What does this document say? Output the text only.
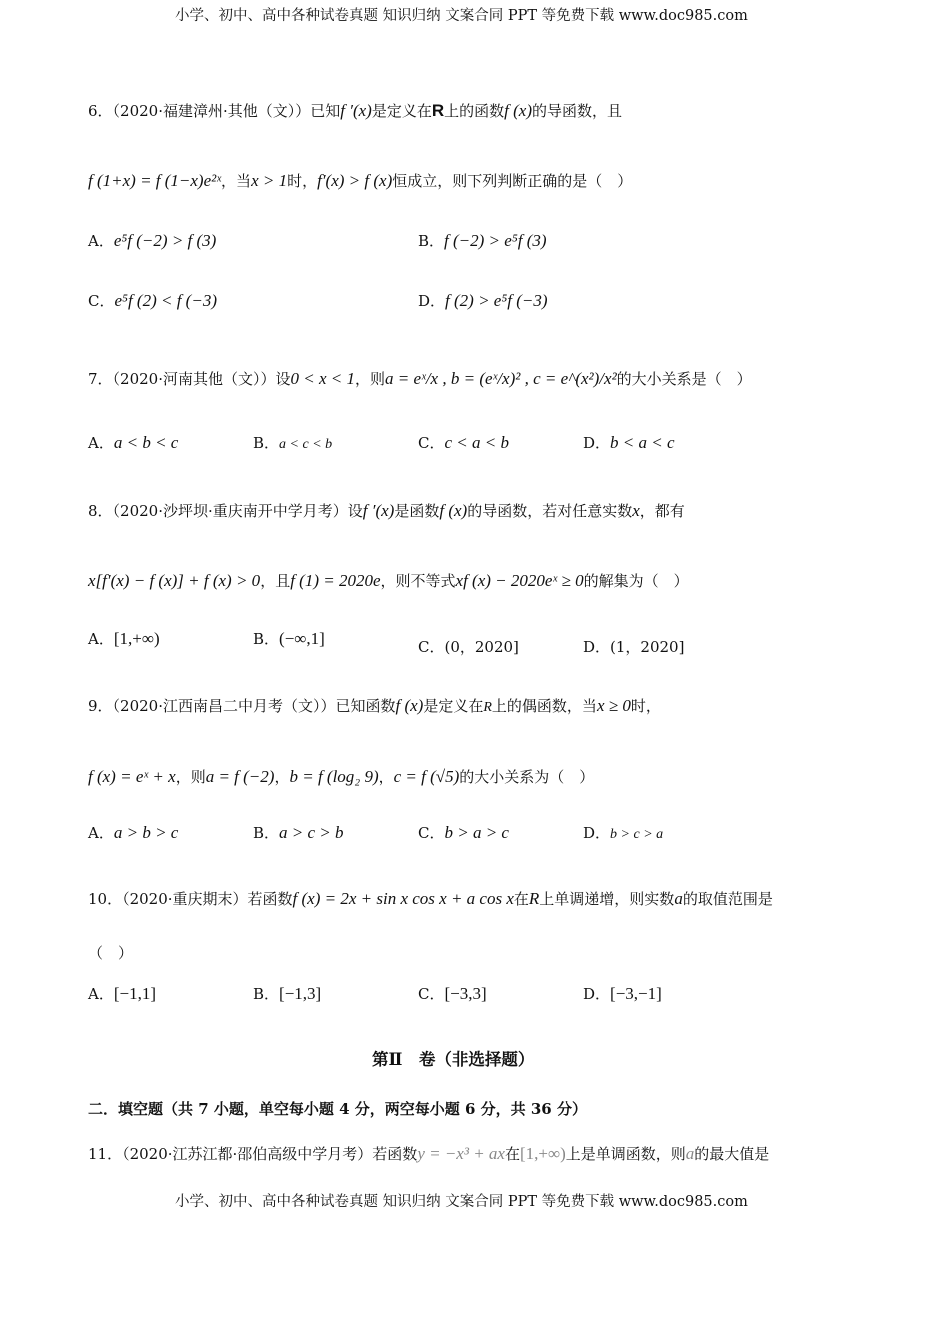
小学、初中、高中各种试卷真题 知识归纳 文案合同 PPT 等免费下载 www.doc985.com
6．（2020·福建漳州·其他（文））已知f ′(x)是定义在R上的函数f (x)的导函数，且
f (1+x) = f (1−x)e²ˣ，当x > 1时，f′(x) > f (x)恒成立，则下列判断正确的是（　）
A．e⁵f (−2) > f (3)	B．f (−2) > e⁵f (3)
C．e⁵f (2) < f (−3)	D．f (2) > e⁵f (−3)
7．（2020·河南其他（文））设0 < x < 1，则a = eˣ/x , b = (eˣ/x)² , c = e^(x²)/x²的大小关系是（　）
A．a < b < c	B．a < c < b	C．c < a < b	D．b < a < c
8．（2020·沙坪坝·重庆南开中学月考）设f ′(x)是函数f (x)的导函数，若对任意实数x，都有
x[f′(x) − f (x)] + f (x) > 0，且f (1) = 2020e，则不等式xf (x) − 2020eˣ ≥ 0的解集为（　）
A．[1,+∞)	B．(−∞,1]	C．(0，2020]	D．(1，2020]
9．（2020·江西南昌二中月考（文））已知函数f (x)是定义在R上的偶函数，当x ≥ 0时，
f (x) = eˣ + x，则a = f (−2)，b = f (log₂ 9)，c = f (√5)的大小关系为（　）
A．a > b > c	B．a > c > b	C．b > a > c	D．b > c > a
10．（2020·重庆期末）若函数f (x) = 2x + sin x cos x + a cos x在R上单调递增，则实数a的取值范围是
（　）
A．[−1,1]	B．[−1,3]	C．[−3,3]	D．[−3,−1]
第Ⅱ　卷（非选择题）
二．填空题（共 7 小题，单空每小题 4 分，两空每小题 6 分，共 36 分）
11．（2020·江苏江都·邵伯高级中学月考）若函数y = −x³ + ax在[1,+∞)上是单调函数，则a的最大值是
小学、初中、高中各种试卷真题 知识归纳 文案合同 PPT 等免费下载 www.doc985.com
